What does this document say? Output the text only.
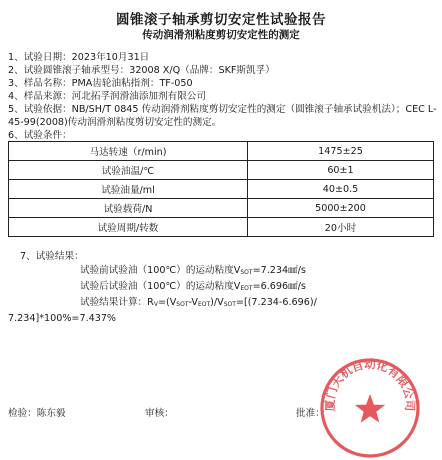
圆锥滚子轴承剪切安定性试验报告
传动润滑剂粘度剪切安定性的测定
1、试验日期：2023年10月31日
2、试验圆锥滚子轴承型号：32008 X/Q（品牌：SKF斯凯孚）
3、样品名称：PMA齿轮油粘指剂：TF-050
4、样品来源：河北拓孚润滑油添加剂有限公司
5、试验依据：NB/SH/T 0845 传动润滑剂粘度剪切安定性的测定（圆锥滚子轴承试验机法）；CEC L-45-99(2008)传动润滑剂粘度剪切安定性的测定。
6、试验条件：
马达转速（r/min)	1475±25
试验油温/℃	60±1
试验油量/ml	40±0.5
试验载荷/N	5000±200
试验周期/转数	20小时
7、试验结果：
试验前试验油（100℃）的运动粘度$V_{SOT}=7.234㎟/s$
试验后试验油（100℃）的运动粘度$V_{EOT}=6.696㎟/s$
试验结果计算：$R_V=(V_{SOT}-V_{EOT})/V_{SOT}=[(7.234-6.696)/$
7.234]*100%=7.437%
检验：陈东毅	审核：	批准：
厦门天机自动化有限公司
